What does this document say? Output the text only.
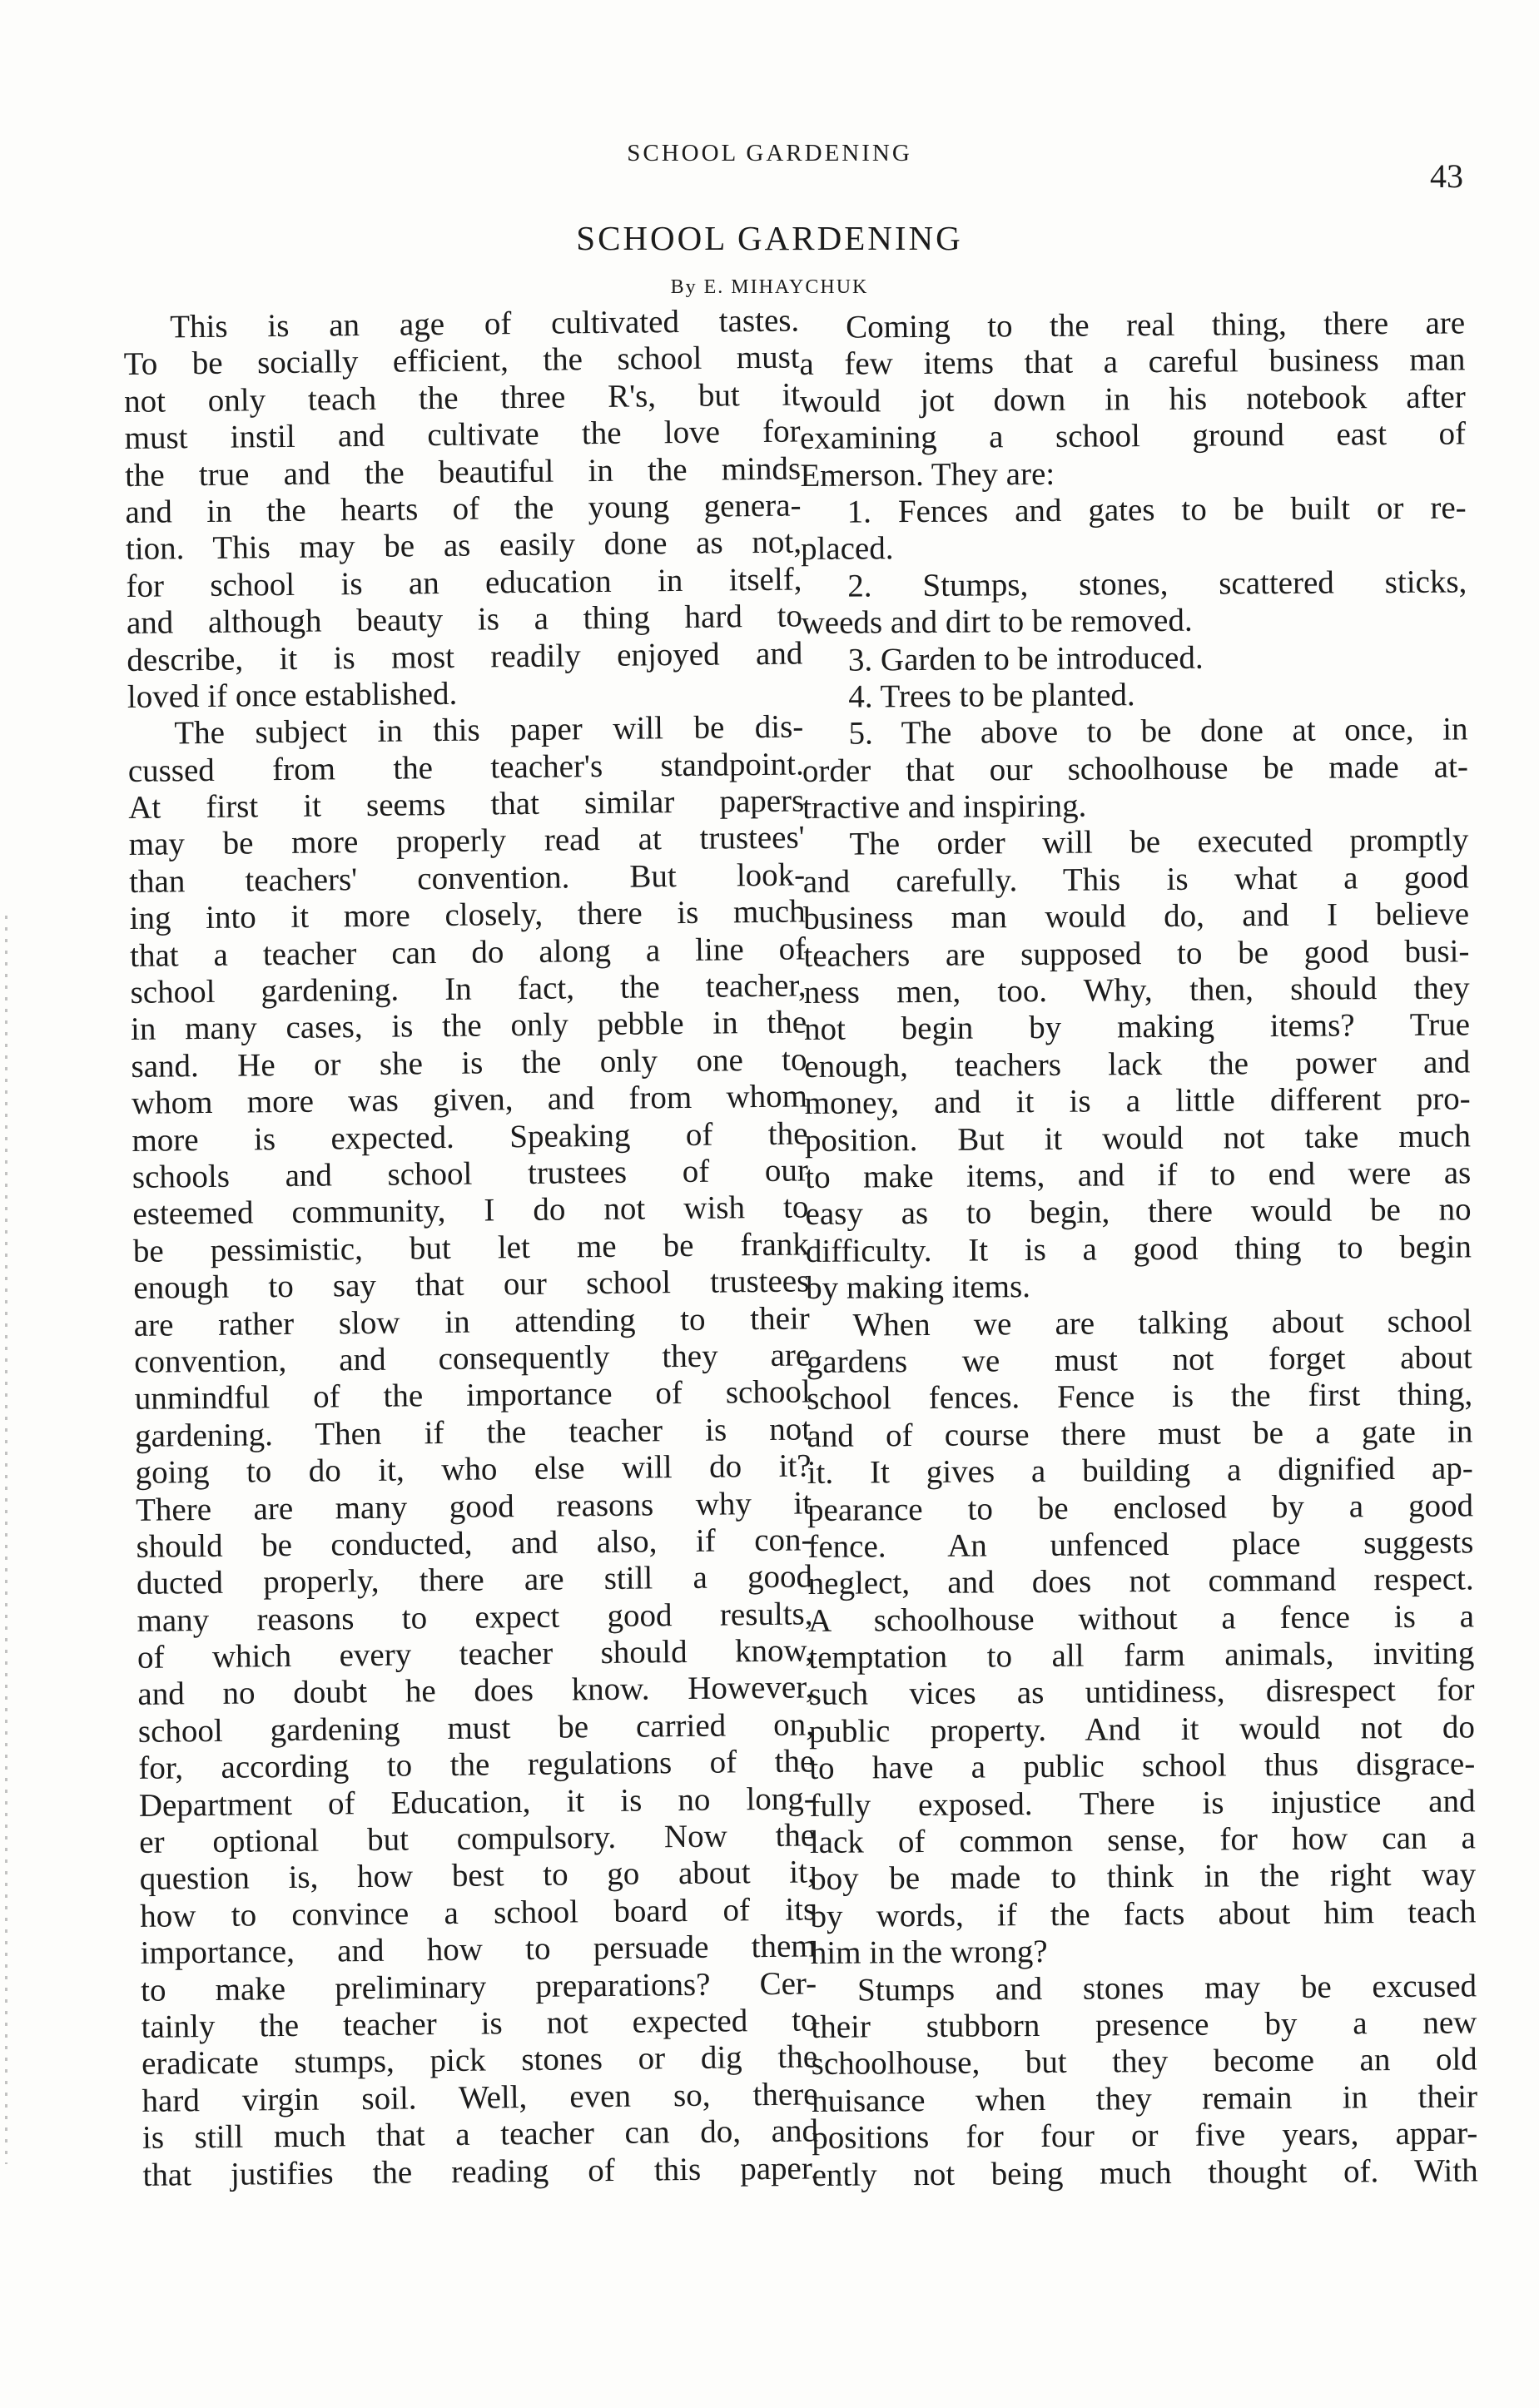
SCHOOL GARDENING
43
SCHOOL GARDENING
By E. MIHAYCHUK
This is an age of cultivated tastes.
To be socially efficient, the school must
not only teach the three R's, but it
must instil and cultivate the love for
the true and the beautiful in the minds
and in the hearts of the young genera-
tion. This may be as easily done as not,
for school is an education in itself,
and although beauty is a thing hard to
describe, it is most readily enjoyed and
loved if once established.
The subject in this paper will be dis-
cussed from the teacher's standpoint.
At first it seems that similar papers
may be more properly read at trustees'
than teachers' convention. But look-
ing into it more closely, there is much
that a teacher can do along a line of
school gardening. In fact, the teacher,
in many cases, is the only pebble in the
sand. He or she is the only one to
whom more was given, and from whom
more is expected. Speaking of the
schools and school trustees of our
esteemed community, I do not wish to
be pessimistic, but let me be frank
enough to say that our school trustees
are rather slow in attending to their
convention, and consequently they are
unmindful of the importance of school
gardening. Then if the teacher is not
going to do it, who else will do it?
There are many good reasons why it
should be conducted, and also, if con-
ducted properly, there are still a good
many reasons to expect good results,
of which every teacher should know,
and no doubt he does know. However,
school gardening must be carried on,
for, according to the regulations of the
Department of Education, it is no long-
er optional but compulsory. Now the
question is, how best to go about it,
how to convince a school board of its
importance, and how to persuade them
to make preliminary preparations? Cer-
tainly the teacher is not expected to
eradicate stumps, pick stones or dig the
hard virgin soil. Well, even so, there
is still much that a teacher can do, and
that justifies the reading of this paper.
Coming to the real thing, there are
a few items that a careful business man
would jot down in his notebook after
examining a school ground east of
Emerson. They are:
1. Fences and gates to be built or re-
placed.
2. Stumps, stones, scattered sticks,
weeds and dirt to be removed.
3. Garden to be introduced.
4. Trees to be planted.
5. The above to be done at once, in
order that our schoolhouse be made at-
tractive and inspiring.
The order will be executed promptly
and carefully. This is what a good
business man would do, and I believe
teachers are supposed to be good busi-
ness men, too. Why, then, should they
not begin by making items? True
enough, teachers lack the power and
money, and it is a little different pro-
position. But it would not take much
to make items, and if to end were as
easy as to begin, there would be no
difficulty. It is a good thing to begin
by making items.
When we are talking about school
gardens we must not forget about
school fences. Fence is the first thing,
and of course there must be a gate in
it. It gives a building a dignified ap-
pearance to be enclosed by a good
fence. An unfenced place suggests
neglect, and does not command respect.
A schoolhouse without a fence is a
temptation to all farm animals, inviting
such vices as untidiness, disrespect for
public property. And it would not do
to have a public school thus disgrace-
fully exposed. There is injustice and
lack of common sense, for how can a
boy be made to think in the right way
by words, if the facts about him teach
him in the wrong?
Stumps and stones may be excused
their stubborn presence by a new
schoolhouse, but they become an old
nuisance when they remain in their
positions for four or five years, appar-
ently not being much thought of. With
